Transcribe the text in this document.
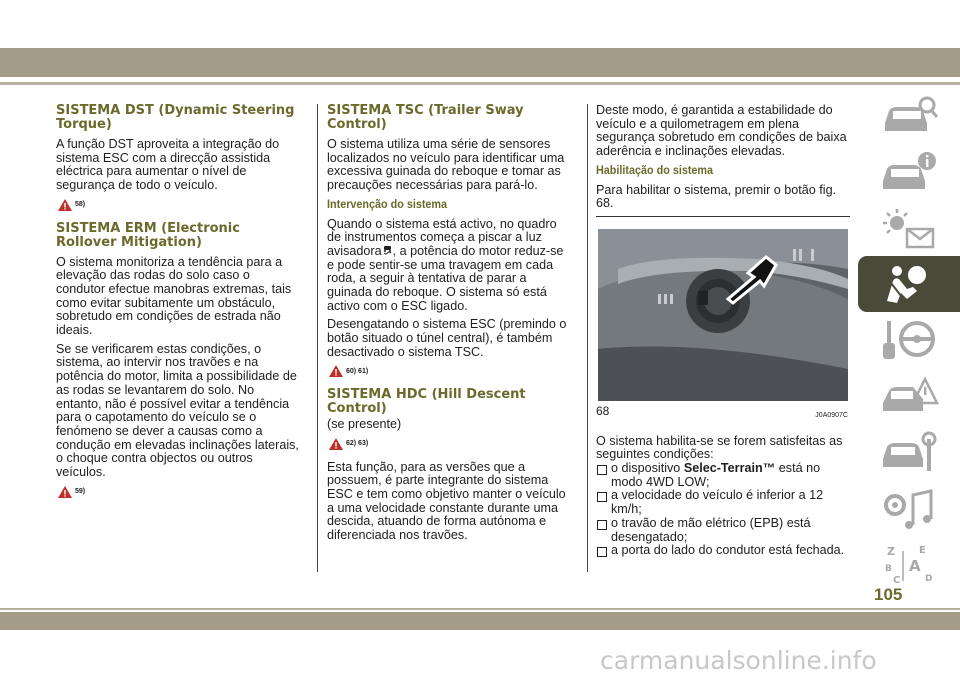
SISTEMA DST (Dynamic Steering Torque)

A função DST aproveita a integração do sistema ESC com a direcção assistida eléctrica para aumentar o nível de segurança de todo o veículo.

58)
SISTEMA ERM (Electronic Rollover Mitigation)

O sistema monitoriza a tendência para a elevação das rodas do solo caso o condutor efectue manobras extremas, tais como evitar subitamente um obstáculo, sobretudo em condições de estrada não ideais.

Se se verificarem estas condições, o sistema, ao intervir nos travões e na potência do motor, limita a possibilidade de as rodas se levantarem do solo. No entanto, não é possível evitar a tendência para o capotamento do veículo se o fenómeno se dever a causas como a condução em elevadas inclinações laterais, o choque contra objectos ou outros veículos.

59)
SISTEMA TSC (Trailer Sway Control)

O sistema utiliza uma série de sensores localizados no veículo para identificar uma excessiva guinada do reboque e tomar as precauções necessárias para pará-lo.

Intervenção do sistema

Quando o sistema está activo, no quadro de instrumentos começa a piscar a luz avisadora , a potência do motor reduz-se e pode sentir-se uma travagem em cada roda, a seguir à tentativa de parar a guinada do reboque. O sistema só está activo com o ESC ligado.

Desengatando o sistema ESC (premindo o botão situado o túnel central), é também desactivado o sistema TSC.

60) 61)
SISTEMA HDC (Hill Descent Control)

(se presente)

62) 63)

Esta função, para as versões que a possuem, é parte integrante do sistema ESC e tem como objetivo manter o veículo a uma velocidade constante durante uma descida, atuando de forma autónoma e diferenciada nos travões.

Deste modo, é garantida a estabilidade do veículo e a quilometragem em plena segurança sobretudo em condições de baixa aderência e inclinações elevadas.

Habilitação do sistema

Para habilitar o sistema, premir o botão fig. 68.

68	J0A0907C

O sistema habilita-se se forem satisfeitas as seguintes condições:

o dispositivo Selec-Terrain™ está no modo 4WD LOW;

a velocidade do veículo é inferior a 12 km/h;

o travão de mão elétrico (EPB) está desengatado;

a porta do lado do condutor está fechada.	Z E
B A
C	D
105
carmanualsonline.info
